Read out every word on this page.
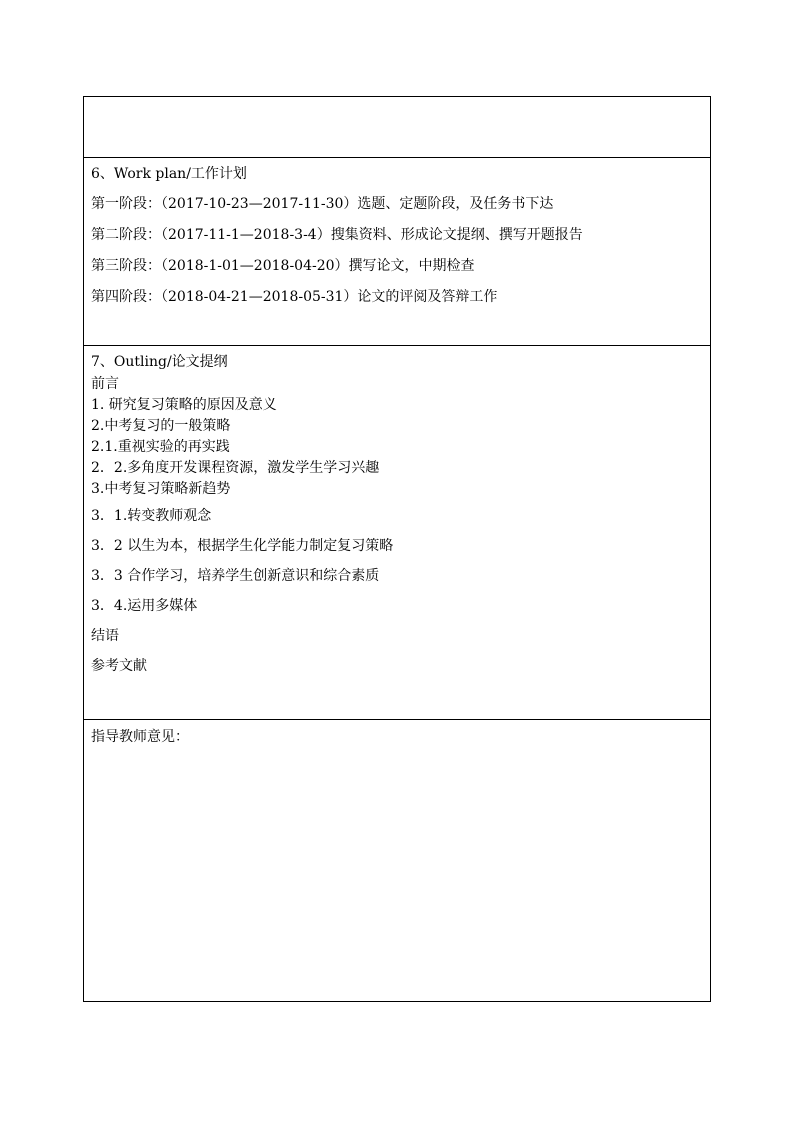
6、Work plan/工作计划
第一阶段：（2017-10-23—2017-11-30）选题、定题阶段，及任务书下达
第二阶段：（2017-11-1—2018-3-4）搜集资料、形成论文提纲、撰写开题报告
第三阶段：（2018-1-01—2018-04-20）撰写论文，中期检查
第四阶段：（2018-04-21—2018-05-31）论文的评阅及答辩工作
7、Outling/论文提纲
前言
1. 研究复习策略的原因及意义
2.中考复习的一般策略
2.1.重视实验的再实践
2．2.多角度开发课程资源，激发学生学习兴趣
3.中考复习策略新趋势
3．1.转变教师观念
3．2 以生为本，根据学生化学能力制定复习策略
3．3 合作学习，培养学生创新意识和综合素质
3．4.运用多媒体
结语
参考文献
指导教师意见：
